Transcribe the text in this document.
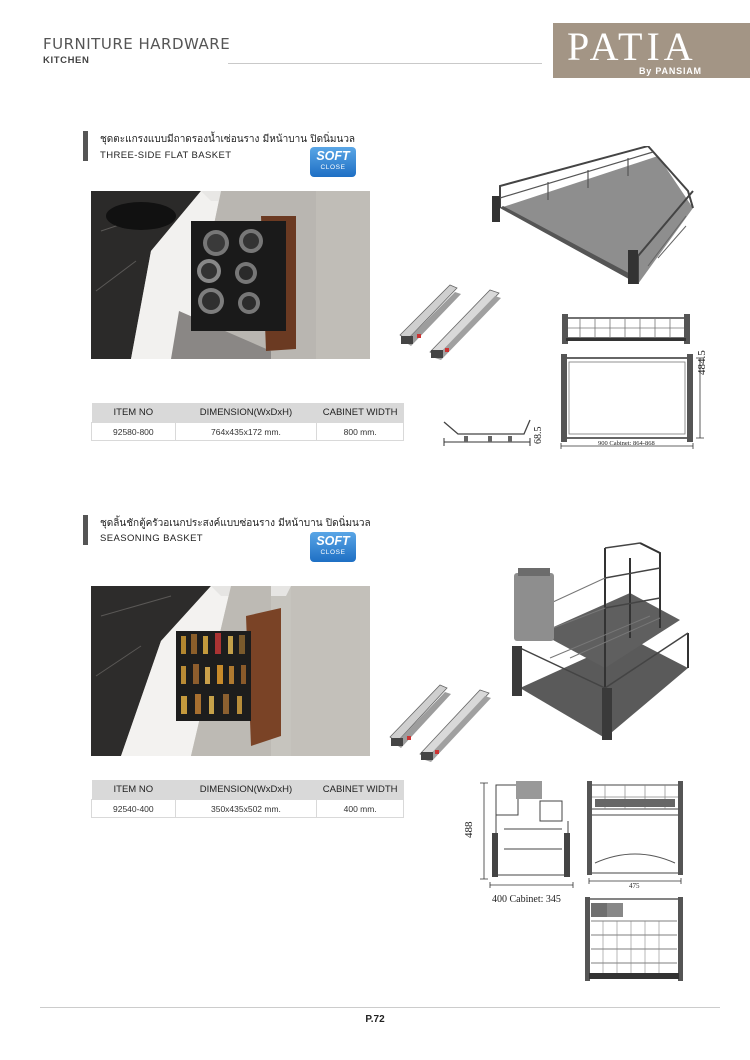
FURNITURE HARDWARE
KITCHEN	PATIA
By PANSIAM
ชุดตะแกรงแบบมีถาดรองน้ำเซ่อนราง มีหน้าบาน ปิดนิ่มนวล
THREE-SIDE FLAT BASKET	SOFT
CLOSE
484.5
900 Cabinet: 864-868
68.5
ITEM NO	DIMENSION(WxDxH)	CABINET WIDTH
92580-800	764x435x172 mm.	800 mm.
ชุดลิ้นชักตู้ครัวอเนกประสงค์แบบซ่อนราง มีหน้าบาน ปิดนิ่มนวล
SEASONING BASKET	SOFT
CLOSE
488
400 Cabinet: 345
475
ITEM NO	DIMENSION(WxDxH)	CABINET WIDTH
92540-400	350x435x502 mm.	400 mm.
P.72
